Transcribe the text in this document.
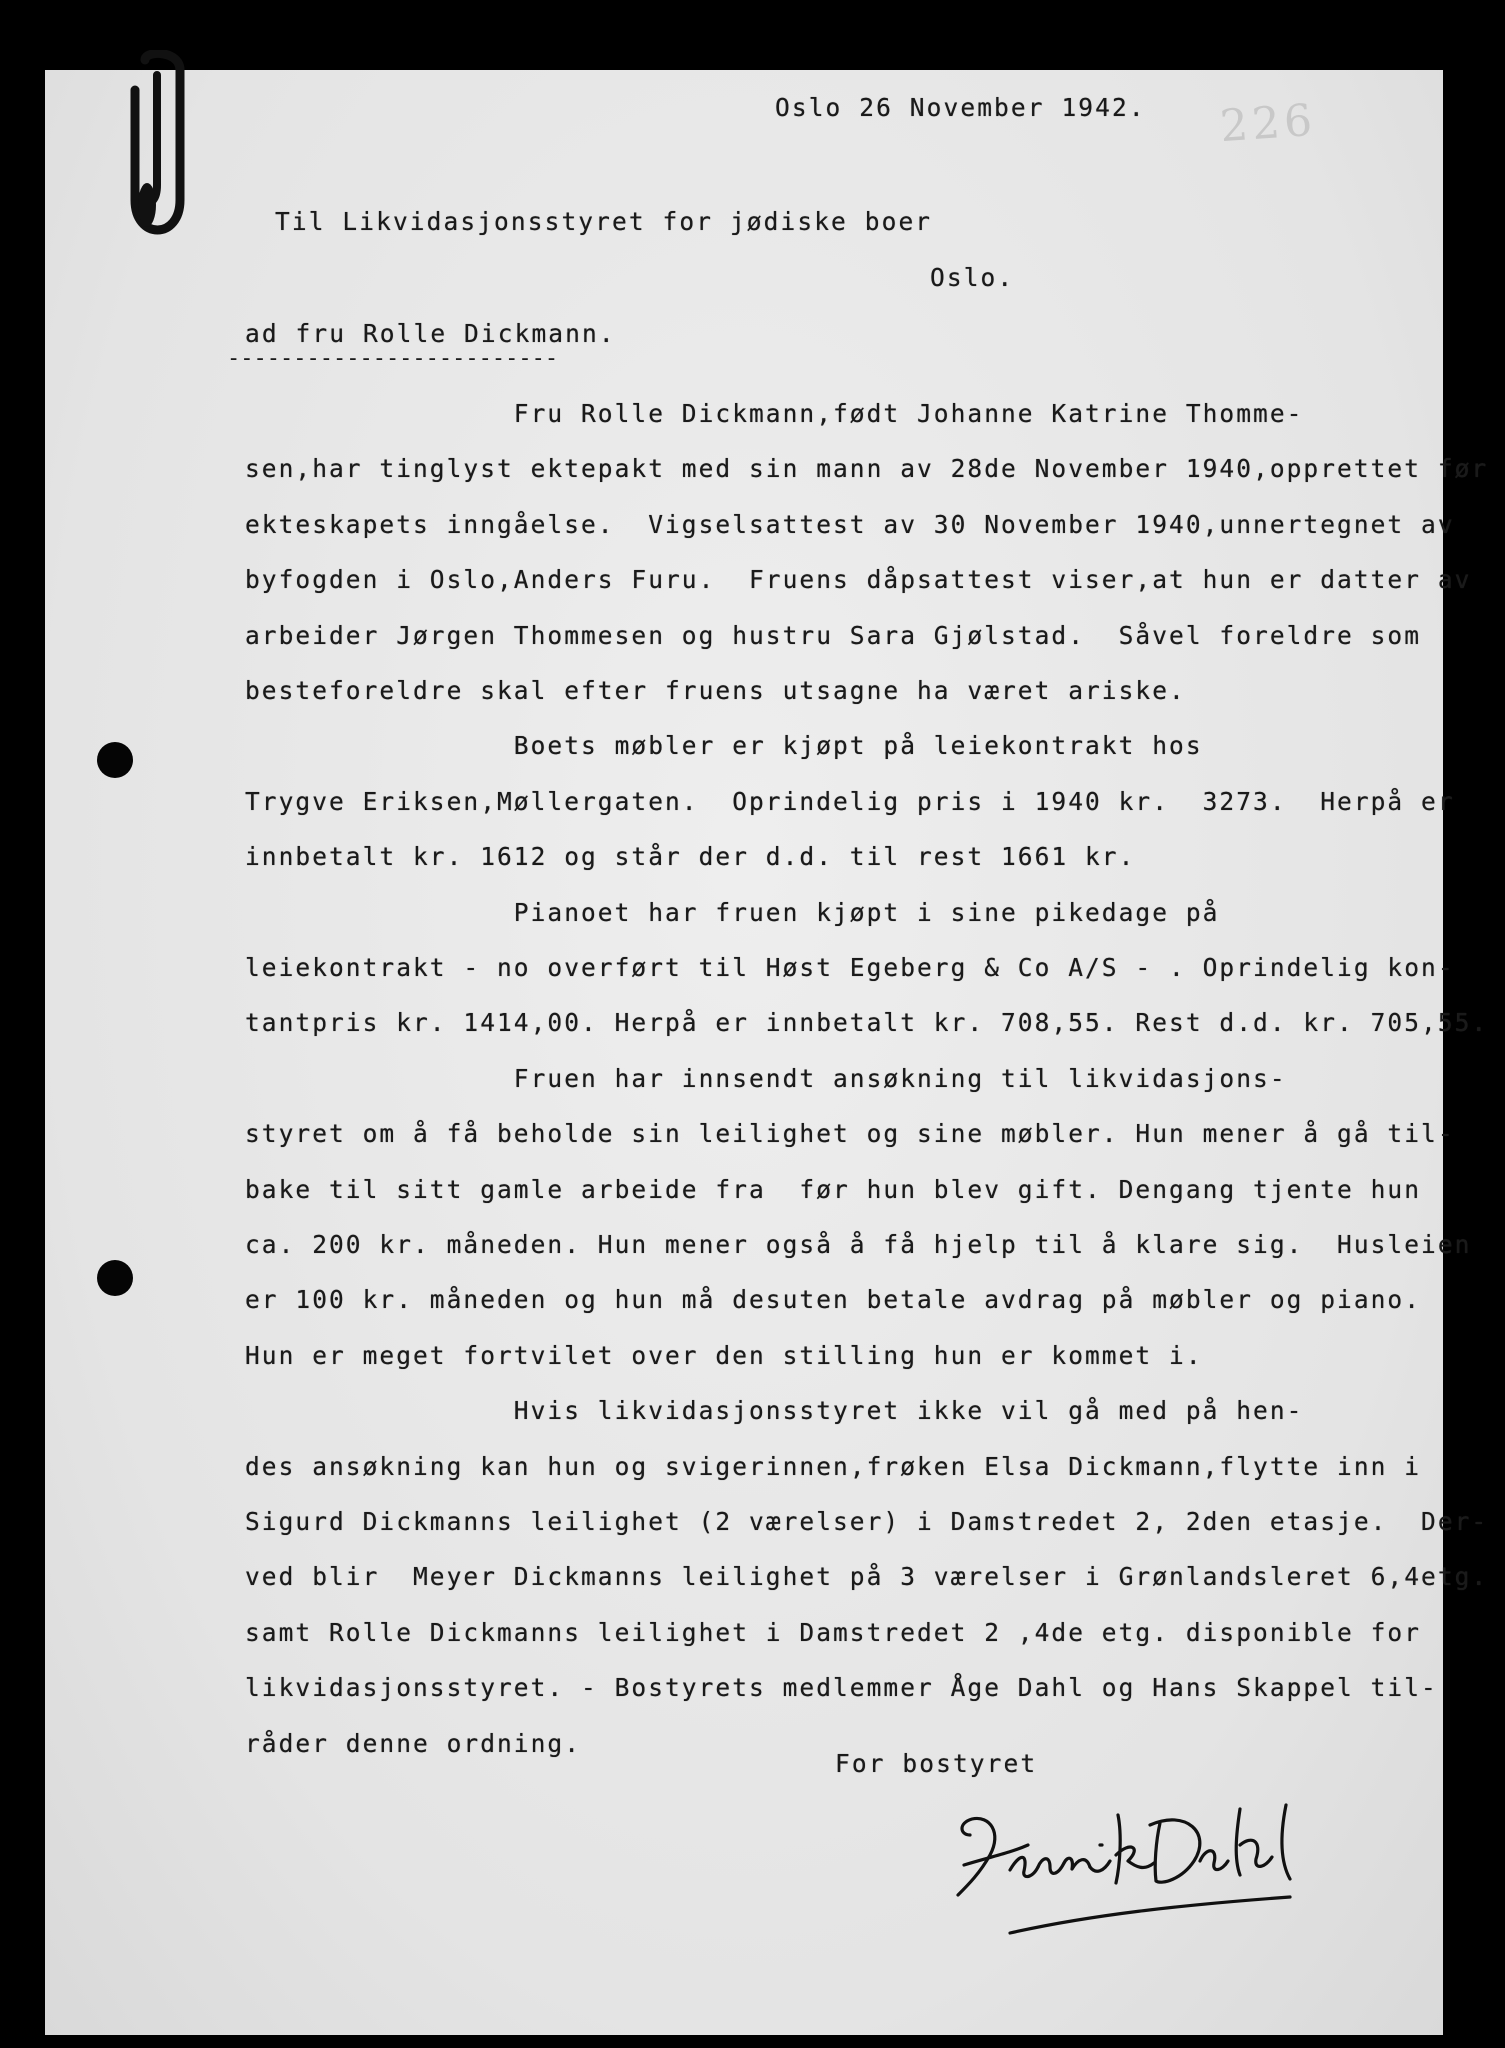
226
Oslo 26 November 1942.
Til Likvidasjonsstyret for jødiske boer
Oslo.
ad fru Rolle Dickmann.
-------------------------
Fru Rolle Dickmann,født Johanne Katrine Thomme-
sen,har tinglyst ektepakt med sin mann av 28de November 1940,opprettet før
ekteskapets inngåelse.  Vigselsattest av 30 November 1940,unnertegnet av
byfogden i Oslo,Anders Furu.  Fruens dåpsattest viser,at hun er datter av
arbeider Jørgen Thommesen og hustru Sara Gjølstad.  Såvel foreldre som
besteforeldre skal efter fruens utsagne ha været ariske.
Boets møbler er kjøpt på leiekontrakt hos
Trygve Eriksen,Møllergaten.  Oprindelig pris i 1940 kr.  3273.  Herpå er
innbetalt kr. 1612 og står der d.d. til rest 1661 kr.
Pianoet har fruen kjøpt i sine pikedage på
leiekontrakt - no overført til Høst Egeberg & Co A/S - . Oprindelig kon-
tantpris kr. 1414,00. Herpå er innbetalt kr. 708,55. Rest d.d. kr. 705,55.
Fruen har innsendt ansøkning til likvidasjons-
styret om å få beholde sin leilighet og sine møbler. Hun mener å gå til-
bake til sitt gamle arbeide fra  før hun blev gift. Dengang tjente hun
ca. 200 kr. måneden. Hun mener også å få hjelp til å klare sig.  Husleien
er 100 kr. måneden og hun må desuten betale avdrag på møbler og piano.
Hun er meget fortvilet over den stilling hun er kommet i.
Hvis likvidasjonsstyret ikke vil gå med på hen-
des ansøkning kan hun og svigerinnen,frøken Elsa Dickmann,flytte inn i
Sigurd Dickmanns leilighet (2 værelser) i Damstredet 2, 2den etasje.  Der-
ved blir  Meyer Dickmanns leilighet på 3 værelser i Grønlandsleret 6,4etg.
samt Rolle Dickmanns leilighet i Damstredet 2 ,4de etg. disponible for
likvidasjonsstyret. - Bostyrets medlemmer Åge Dahl og Hans Skappel til-
råder denne ordning.
For bostyret
